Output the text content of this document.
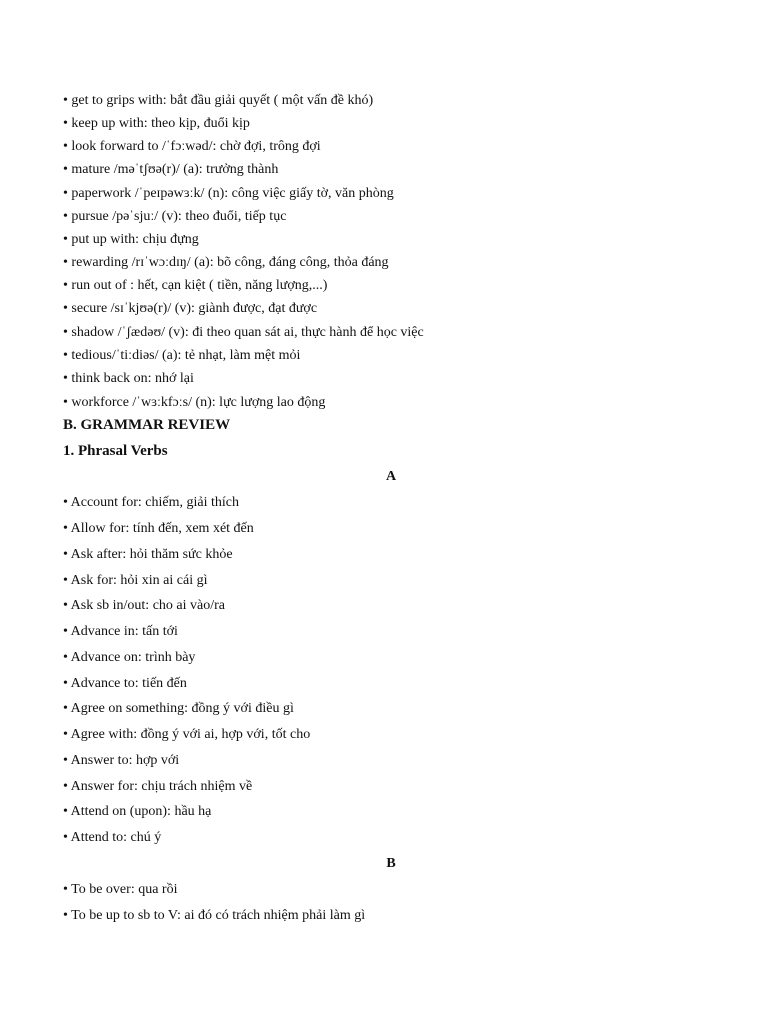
• get to grips with: bắt đầu giải quyết ( một vấn đề khó)
• keep up with: theo kịp, đuổi kịp
• look forward to /ˈfɔːwəd/: chờ đợi, trông đợi
• mature /məˈtʃʊə(r)/ (a): trưởng thành
• paperwork /ˈpeɪpəwɜːk/ (n): công việc giấy tờ, văn phòng
• pursue /pəˈsjuː/ (v): theo đuổi, tiếp tục
• put up with: chịu đựng
• rewarding /rɪˈwɔːdɪŋ/ (a): bõ công, đáng công, thỏa đáng
• run out of : hết, cạn kiệt ( tiền, năng lượng,...)
• secure /sɪˈkjʊə(r)/ (v): giành được, đạt được
• shadow /ˈʃædəʊ/ (v): đi theo quan sát ai, thực hành để học việc
• tedious/ˈtiːdiəs/ (a): tẻ nhạt, làm mệt mỏi
• think back on: nhớ lại
• workforce /ˈwɜːkfɔːs/ (n): lực lượng lao động
B. GRAMMAR REVIEW
1. Phrasal Verbs
A
• Account for: chiếm, giải thích
• Allow for: tính đến, xem xét đến
• Ask after: hỏi thăm sức khỏe
• Ask for: hỏi xin ai cái gì
• Ask sb in/out: cho ai vào/ra
• Advance in: tấn tới
• Advance on: trình bày
• Advance to: tiến đến
• Agree on something: đồng ý với điều gì
• Agree with: đồng ý với ai, hợp với, tốt cho
• Answer to: hợp với
• Answer for: chịu trách nhiệm về
• Attend on (upon): hầu hạ
• Attend to: chú ý
B
• To be over: qua rồi
• To be up to sb to V: ai đó có trách nhiệm phải làm gì
